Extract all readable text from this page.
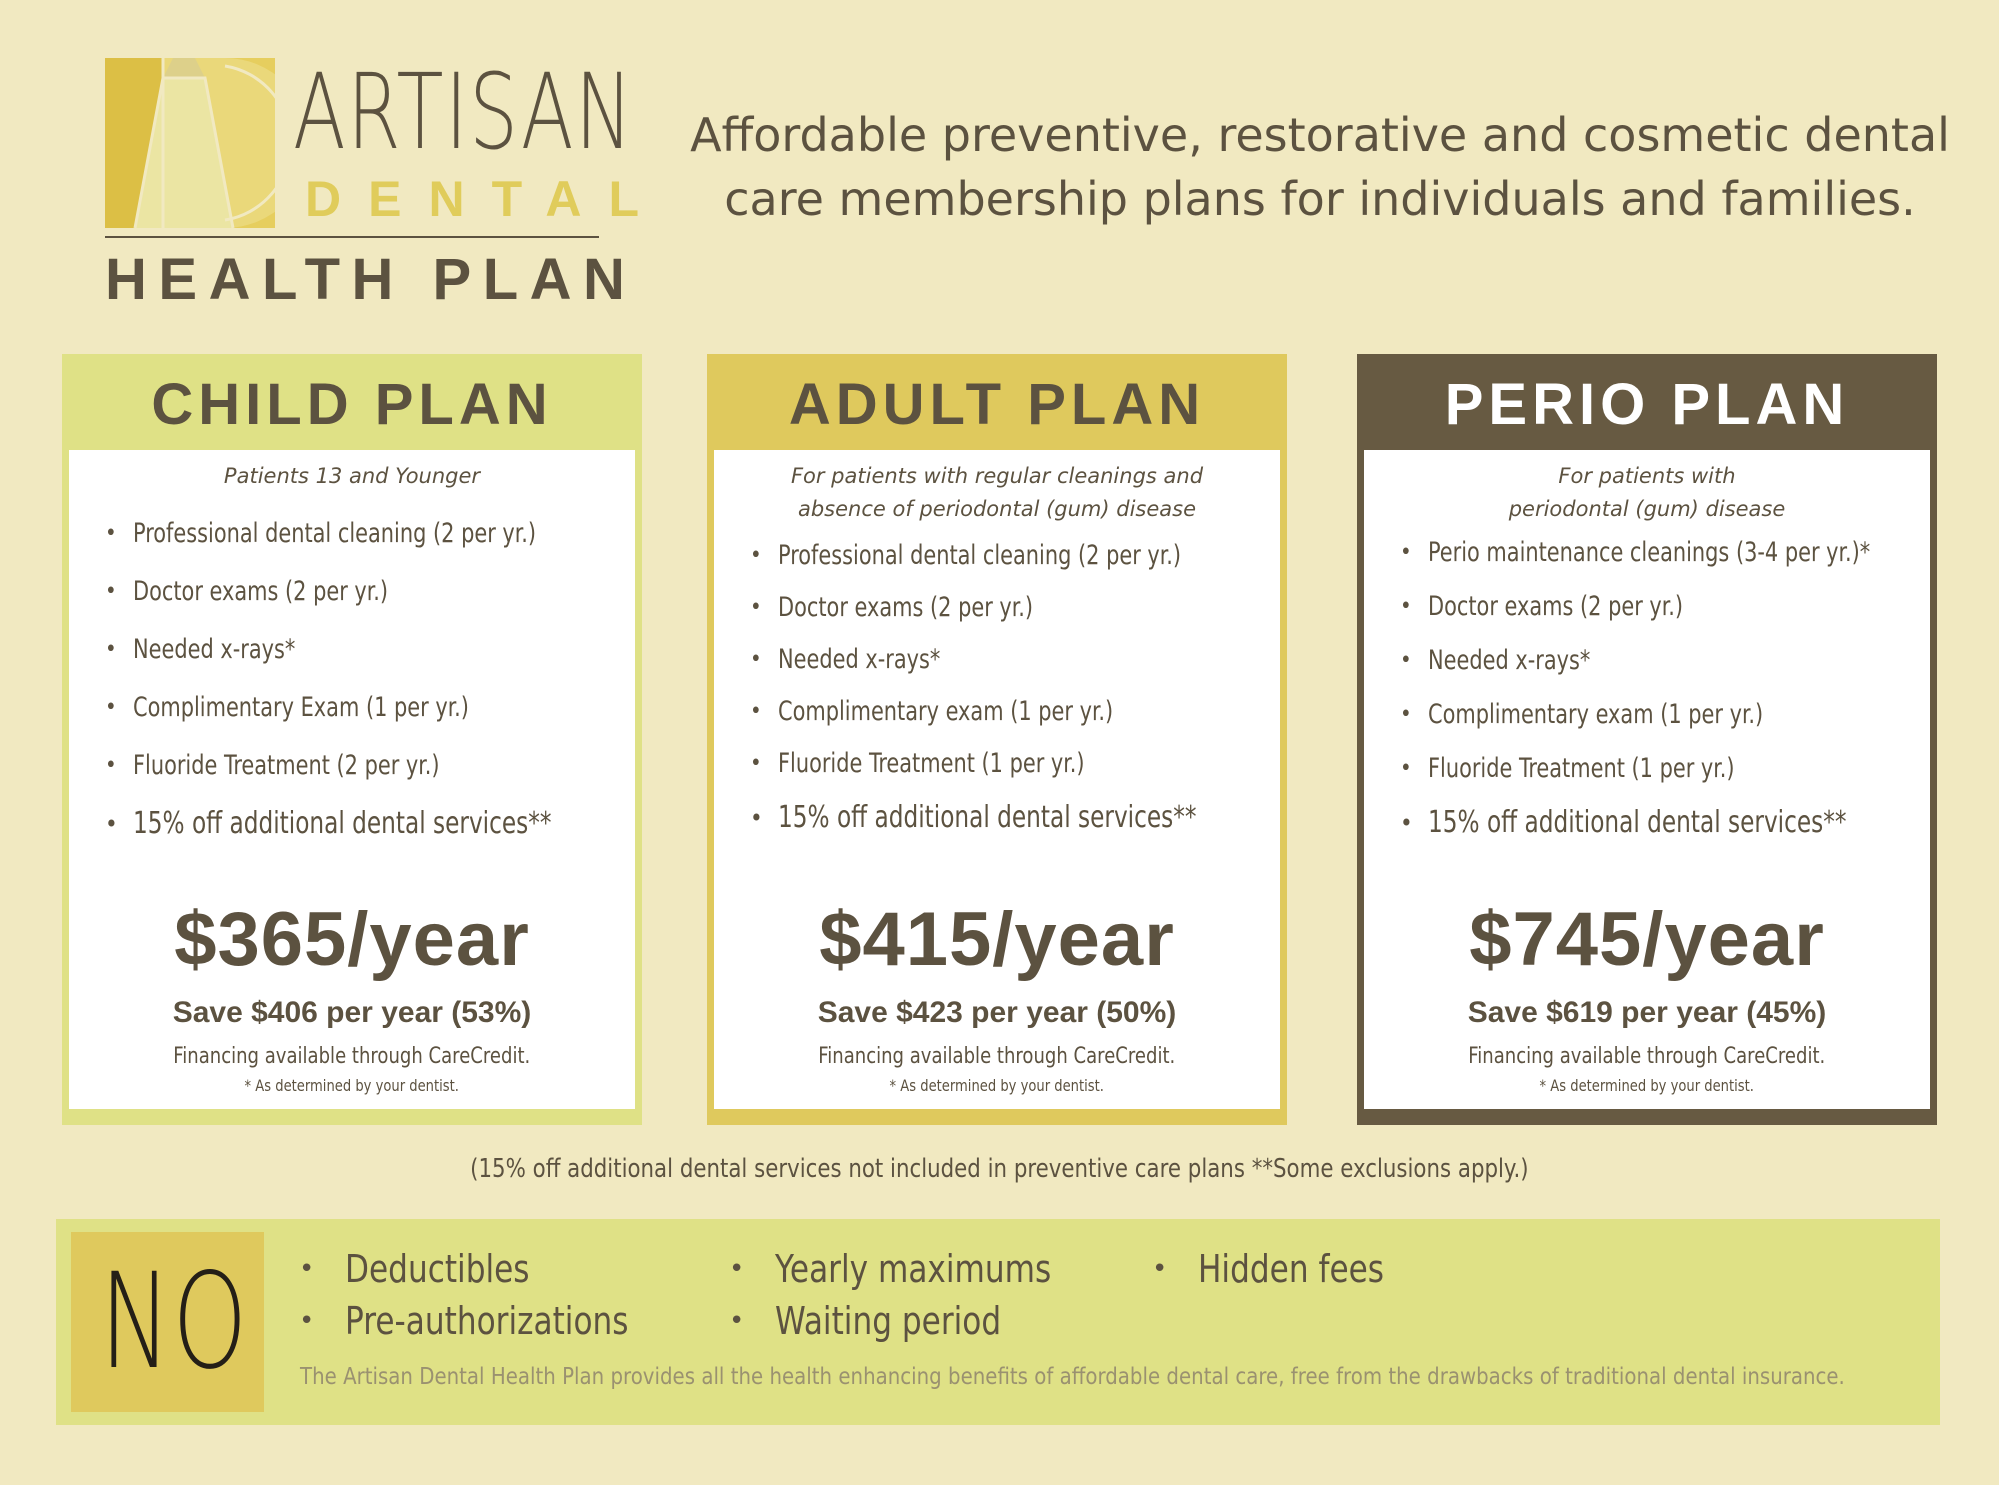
ARTISAN
DENTAL
HEALTH PLAN
Affordable preventive, restorative and cosmetic dental
care membership plans for individuals and families.
CHILD PLAN
Patients 13 and Younger
• Professional dental cleaning (2 per yr.)
• Doctor exams (2 per yr.)
• Needed x-rays*
• Complimentary Exam (1 per yr.)
• Fluoride Treatment (2 per yr.)
• 15% off additional dental services**
$365/year
Save $406 per year (53%)
Financing available through CareCredit.
* As determined by your dentist.
ADULT PLAN
For patients with regular cleanings and
absence of periodontal (gum) disease
• Professional dental cleaning (2 per yr.)
• Doctor exams (2 per yr.)
• Needed x-rays*
• Complimentary exam (1 per yr.)
• Fluoride Treatment (1 per yr.)
• 15% off additional dental services**
$415/year
Save $423 per year (50%)
Financing available through CareCredit.
* As determined by your dentist.
PERIO PLAN
For patients with
periodontal (gum) disease
• Perio maintenance cleanings (3-4 per yr.)*
• Doctor exams (2 per yr.)
• Needed x-rays*
• Complimentary exam (1 per yr.)
• Fluoride Treatment (1 per yr.)
• 15% off additional dental services**
$745/year
Save $619 per year (45%)
Financing available through CareCredit.
* As determined by your dentist.
(15% off additional dental services not included in preventive care plans **Some exclusions apply.)
NO
•	Deductibles
• Pre-authorizations
• Yearly maximums
• Waiting period
• Hidden fees
The Artisan Dental Health Plan provides all the health enhancing benefits of affordable dental care, free from the drawbacks of traditional dental insurance.
